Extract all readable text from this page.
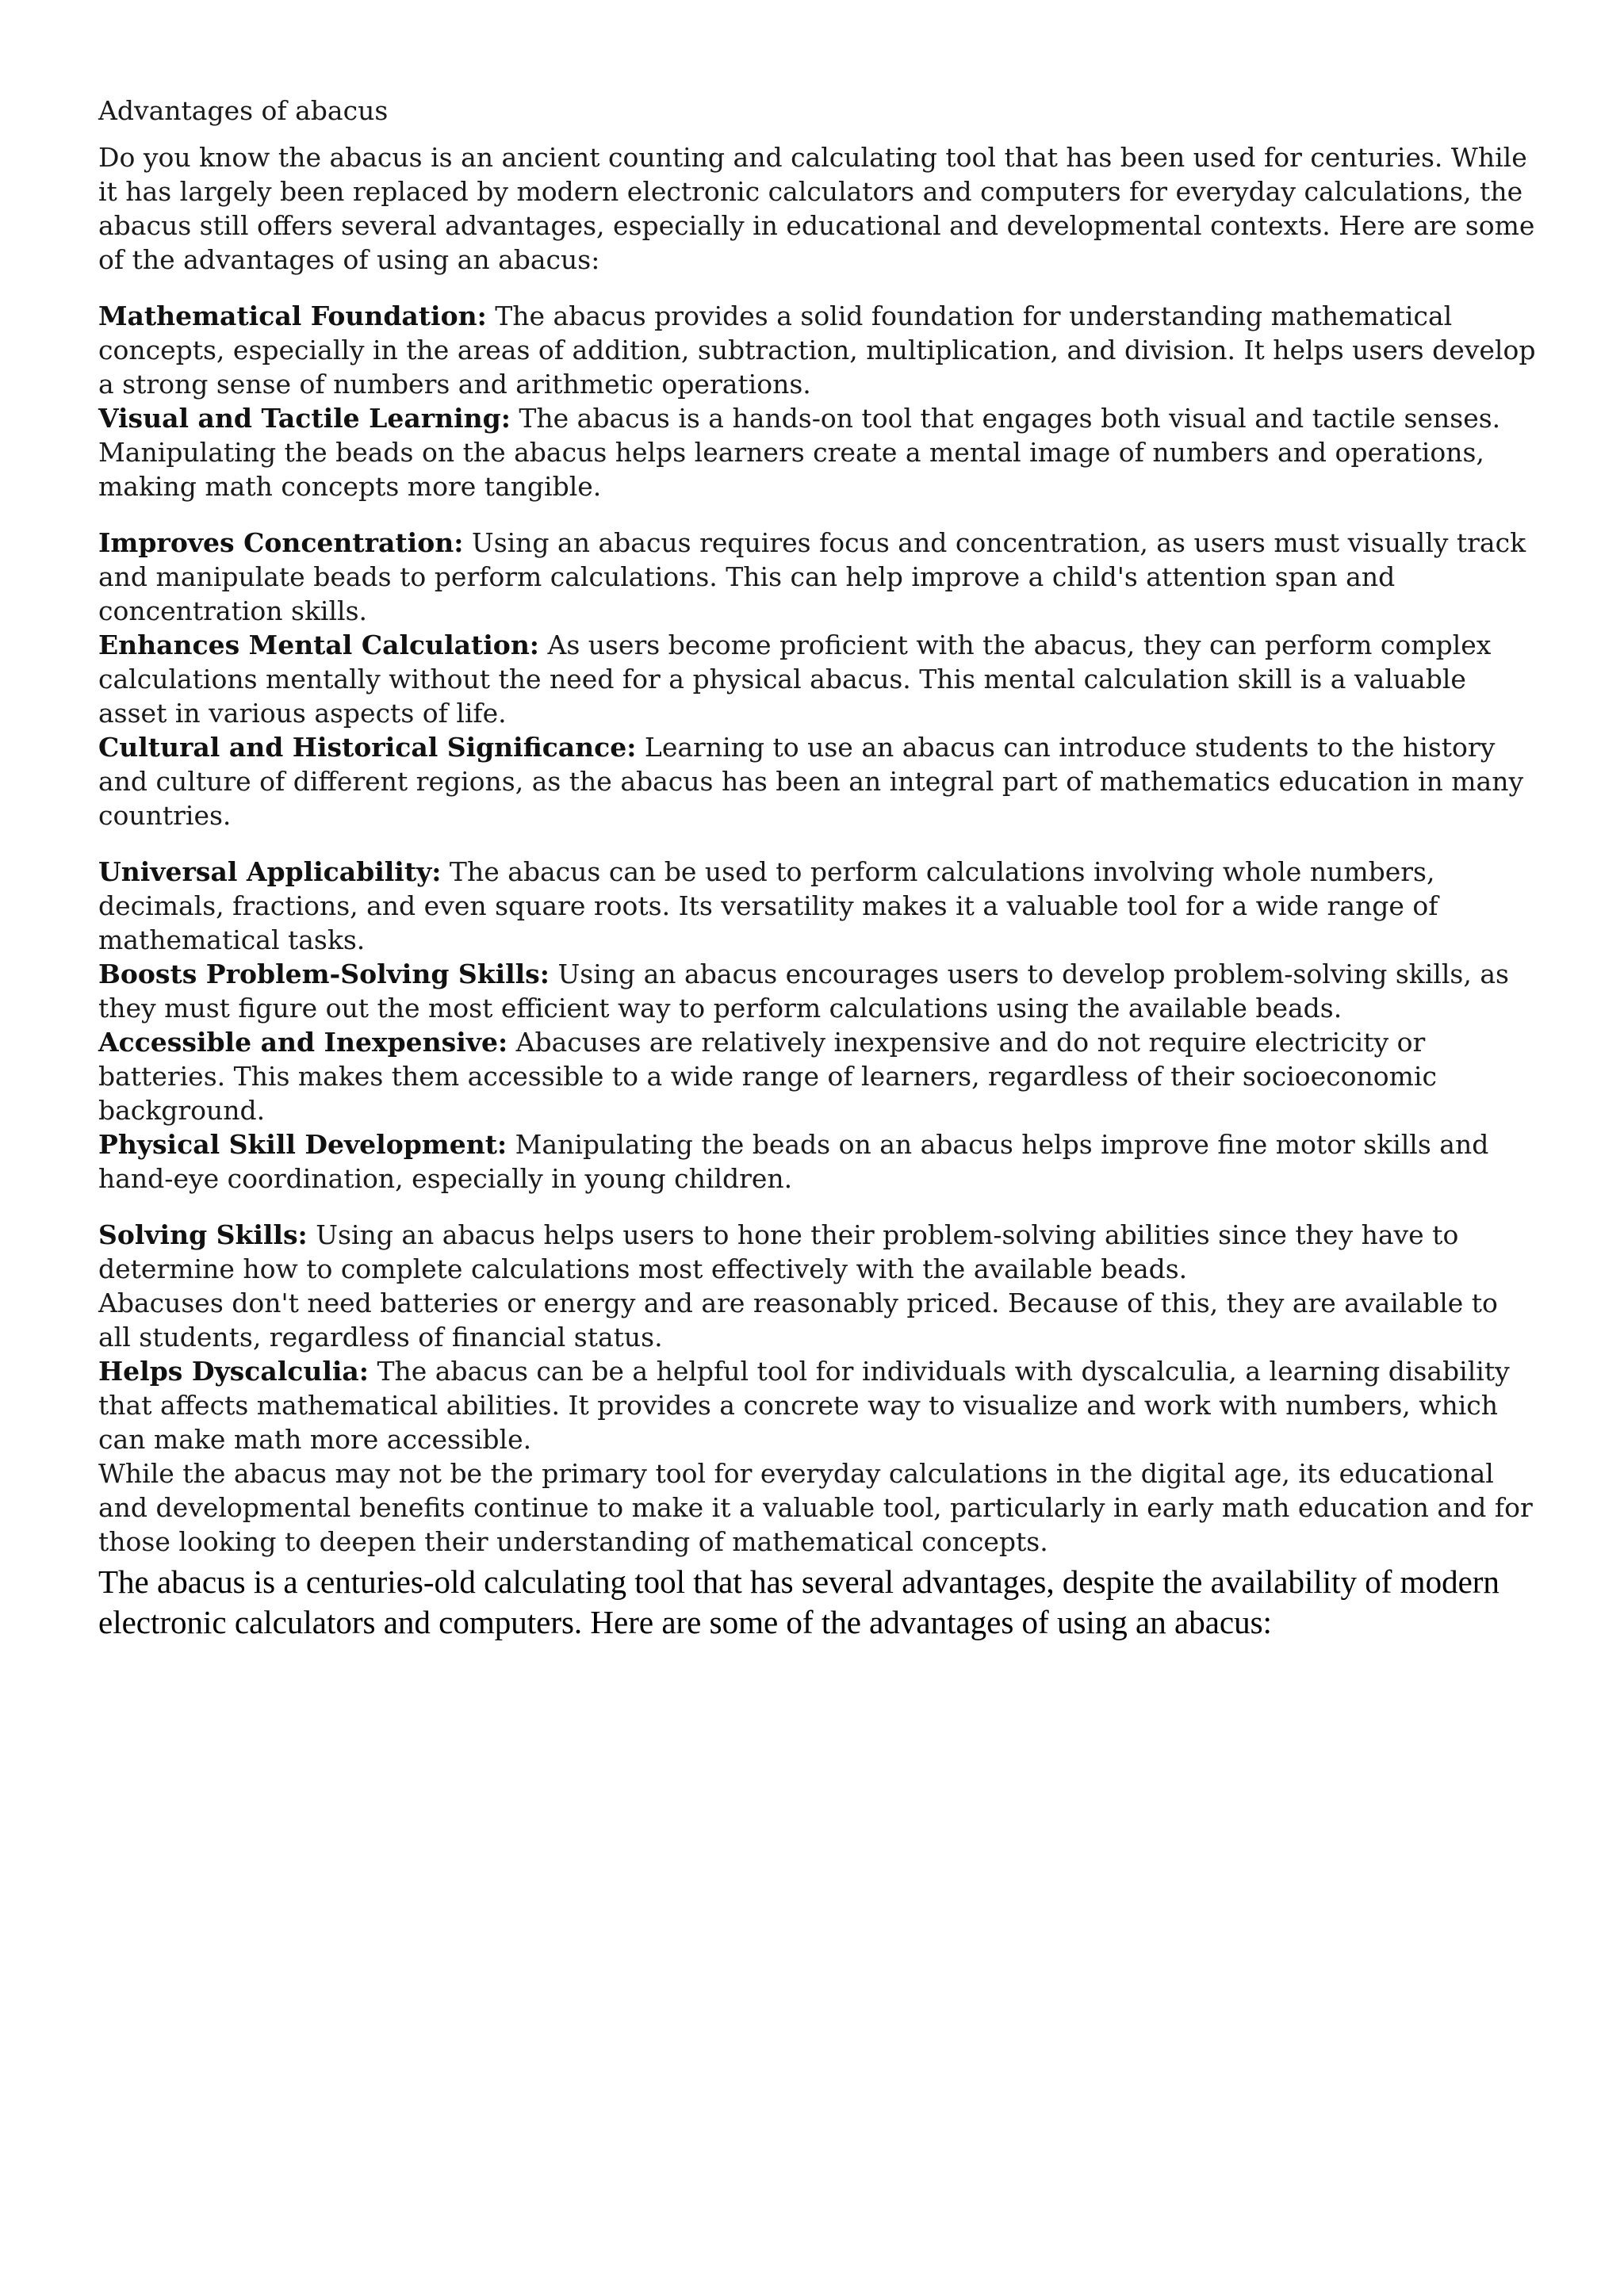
Advantages of abacus

Do you know the abacus is an ancient counting and calculating tool that has been used for centuries. While it has largely been replaced by modern electronic calculators and computers for everyday calculations, the abacus still offers several advantages, especially in educational and developmental contexts. Here are some of the advantages of using an abacus:

Mathematical Foundation: The abacus provides a solid foundation for understanding mathematical concepts, especially in the areas of addition, subtraction, multiplication, and division. It helps users develop a strong sense of numbers and arithmetic operations.

Visual and Tactile Learning: The abacus is a hands-on tool that engages both visual and tactile senses. Manipulating the beads on the abacus helps learners create a mental image of numbers and operations, making math concepts more tangible.

Improves Concentration: Using an abacus requires focus and concentration, as users must visually track and manipulate beads to perform calculations. This can help improve a child's attention span and concentration skills.

Enhances Mental Calculation: As users become proficient with the abacus, they can perform complex calculations mentally without the need for a physical abacus. This mental calculation skill is a valuable asset in various aspects of life.

Cultural and Historical Significance: Learning to use an abacus can introduce students to the history and culture of different regions, as the abacus has been an integral part of mathematics education in many countries.

Universal Applicability: The abacus can be used to perform calculations involving whole numbers, decimals, fractions, and even square roots. Its versatility makes it a valuable tool for a wide range of mathematical tasks.

Boosts Problem-Solving Skills: Using an abacus encourages users to develop problem-solving skills, as they must figure out the most efficient way to perform calculations using the available beads.

Accessible and Inexpensive: Abacuses are relatively inexpensive and do not require electricity or batteries. This makes them accessible to a wide range of learners, regardless of their socioeconomic background.

Physical Skill Development: Manipulating the beads on an abacus helps improve fine motor skills and hand-eye coordination, especially in young children.

Solving Skills: Using an abacus helps users to hone their problem-solving abilities since they have to determine how to complete calculations most effectively with the available beads.

Abacuses don't need batteries or energy and are reasonably priced. Because of this, they are available to all students, regardless of financial status.

Helps Dyscalculia: The abacus can be a helpful tool for individuals with dyscalculia, a learning disability that affects mathematical abilities. It provides a concrete way to visualize and work with numbers, which can make math more accessible.

While the abacus may not be the primary tool for everyday calculations in the digital age, its educational and developmental benefits continue to make it a valuable tool, particularly in early math education and for those looking to deepen their understanding of mathematical concepts.

The abacus is a centuries-old calculating tool that has several advantages, despite the availability of modern electronic calculators and computers. Here are some of the advantages of using an abacus:
